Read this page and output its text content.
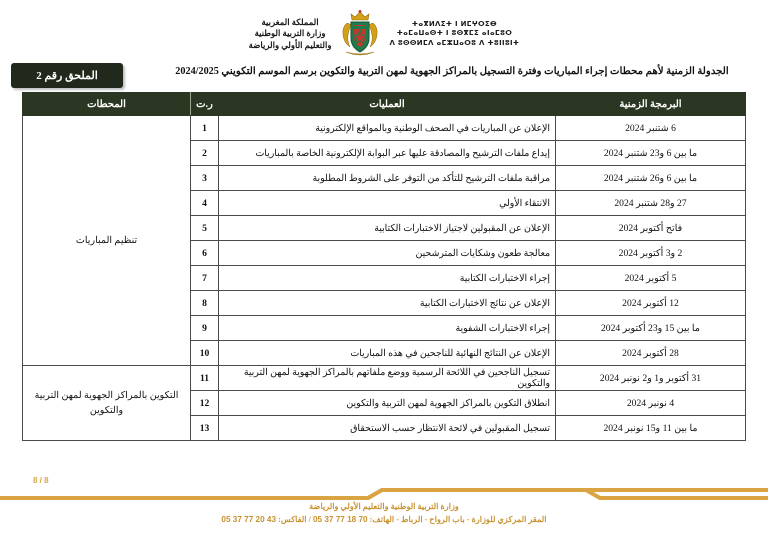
ⵜⴰⴳⵍⴷⵉⵜ ⵏ ⵍⵎⵖⵔⵉⴱ
ⵜⴰⵎⴰⵡⴰⵙⵜ ⵏ ⵓⵙⴳⵎⵉ ⴰⵏⴰⵎⵓⵔ
ⴷ ⵓⵙⵙⵍⵎⴷ ⴰⵎⵣⵡⴰⵔⵓ ⴷ ⵜⵓⵏⵏⵓⵏⵜ
المملكة المغربية
وزارة التربية الوطنية
والتعليم الأولي والرياضة
الملحق رقم 2	الجدولة الزمنية لأهم محطات إجراء المباريات وفترة التسجيل بالمراكز الجهوية لمهن التربية والتكوين برسم الموسم التكويني 2024/2025
البرمجة الزمنية	العمليات	ر.ت	المحطات
6 شتنبر 2024	الإعلان عن المباريات في الصحف الوطنية وبالمواقع الإلكترونية	1	تنظيم المباريات
ما بين 6 و23 شتنبر 2024	إيداع ملفات الترشيح والمصادقة عليها عبر البوابة الإلكترونية الخاصة بالمباريات	2	
ما بين 6 و26 شتنبر 2024	مراقبة ملفات الترشيح للتأكد من التوفر على الشروط المطلوبة	3	
27 و28 شتنبر 2024	الانتقاء الأولي	4	
فاتح أكتوبر 2024	الإعلان عن المقبولين لاجتياز الاختبارات الكتابية	5	
2 و3 أكتوبر 2024	معالجة طعون وشكايات المترشحين	6	
5 أكتوبر 2024	إجراء الاختبارات الكتابية	7	
12 أكتوبر 2024	الإعلان عن نتائج الاختبارات الكتابية	8	
ما بين 15 و23 أكتوبر 2024	إجراء الاختبارات الشفوية	9	
28 أكتوبر 2024	الإعلان عن النتائج النهائية للناجحين في هذه المباريات	10	
31 أكتوبر و1 و2 نونبر 2024	تسجيل الناجحين في اللائحة الرسمية ووضع ملفاتهم بالمراكز الجهوية لمهن التربية والتكوين	11	التكوين بالمراكز الجهوية لمهن التربية والتكوين
4 نونبر 2024	انطلاق التكوين بالمراكز الجهوية لمهن التربية والتكوين	12	
ما بين 11 و15 نونبر 2024	تسجيل المقبولين في لائحة الانتظار حسب الاستحقاق	13	
8 / 8
وزارة التربية الوطنية والتعليم الأولي والرياضة
المقر المركزي للوزارة - باب الرواح - الرباط - الهاتف: 05 37 77 18 70 / الفاكس: 05 37 77 20 43
